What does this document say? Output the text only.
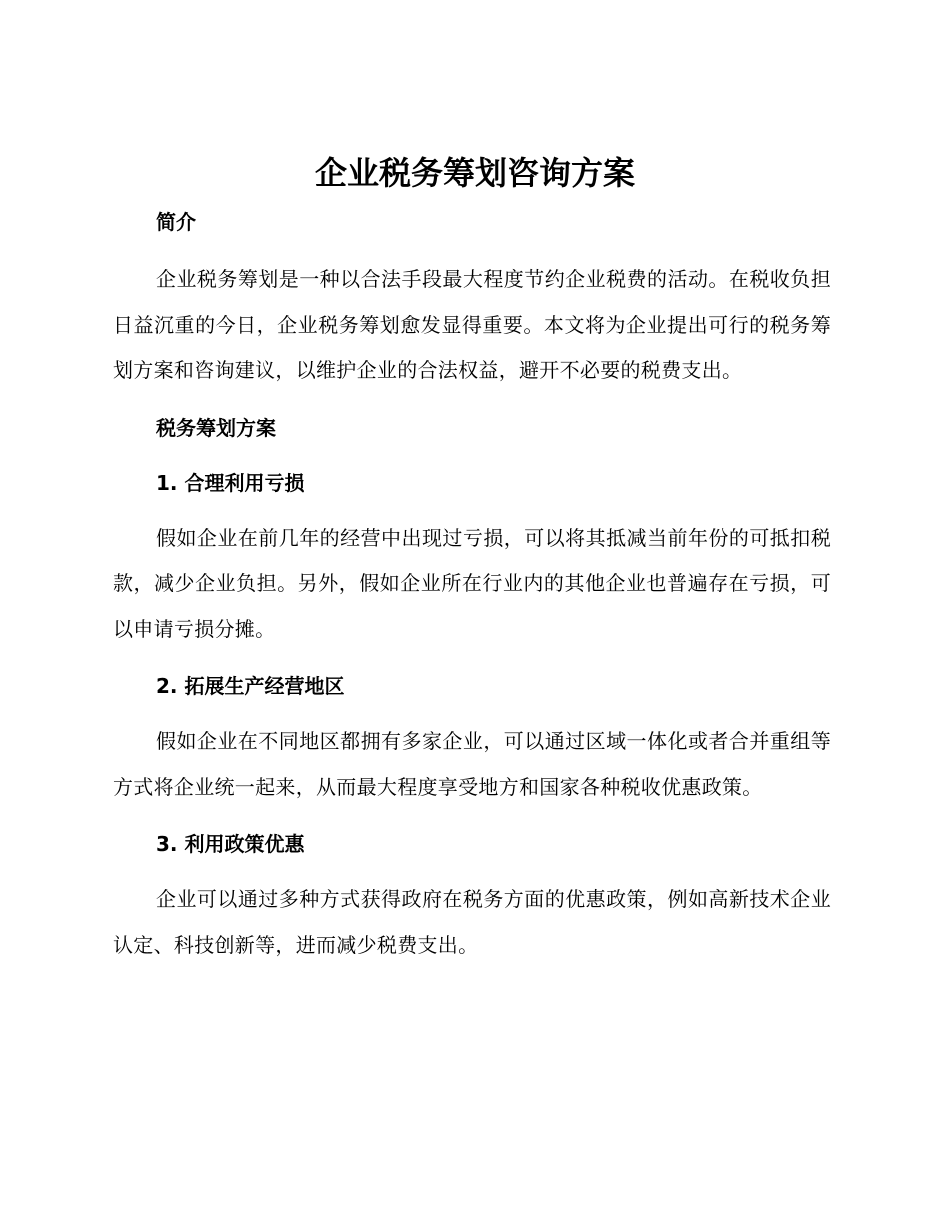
企业税务筹划咨询方案

简介

企业税务筹划是一种以合法手段最大程度节约企业税费的活动。在税收负担日益沉重的今日，企业税务筹划愈发显得重要。本文将为企业提出可行的税务筹划方案和咨询建议，以维护企业的合法权益，避开不必要的税费支出。

税务筹划方案

1. 合理利用亏损

假如企业在前几年的经营中出现过亏损，可以将其抵减当前年份的可抵扣税款，减少企业负担。另外，假如企业所在行业内的其他企业也普遍存在亏损，可以申请亏损分摊。

2. 拓展生产经营地区

假如企业在不同地区都拥有多家企业，可以通过区域一体化或者合并重组等方式将企业统一起来，从而最大程度享受地方和国家各种税收优惠政策。

3. 利用政策优惠

企业可以通过多种方式获得政府在税务方面的优惠政策，例如高新技术企业认定、科技创新等，进而减少税费支出。
